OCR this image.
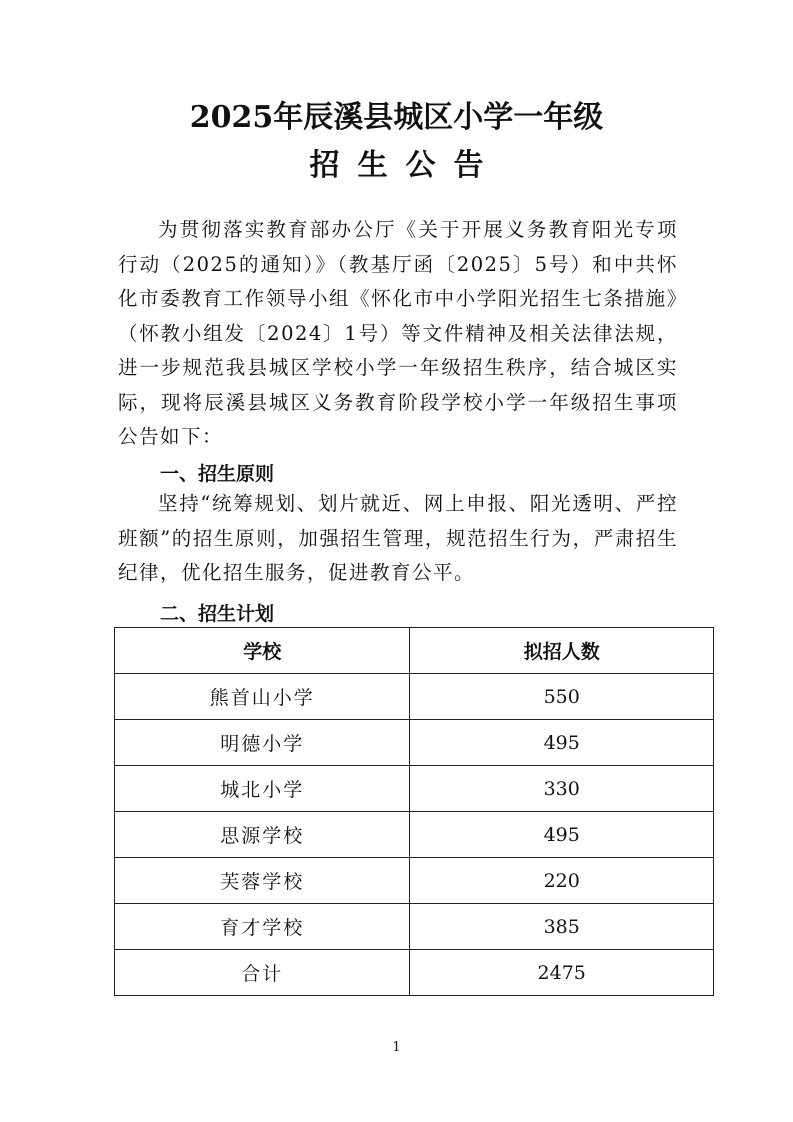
2025年辰溪县城区小学一年级
招生公告

为贯彻落实教育部办公厅《关于开展义务教育阳光专项行动（2025的通知）》（教基厅函〔2025〕5号）和中共怀化市委教育工作领导小组《怀化市中小学阳光招生七条措施》（怀教小组发〔2024〕1号）等文件精神及相关法律法规，进一步规范我县城区学校小学一年级招生秩序，结合城区实际，现将辰溪县城区义务教育阶段学校小学一年级招生事项公告如下：

一、招生原则

坚持“统筹规划、划片就近、网上申报、阳光透明、严控班额”的招生原则，加强招生管理，规范招生行为，严肃招生纪律，优化招生服务，促进教育公平。

二、招生计划
学校	拟招人数
熊首山小学	550
明德小学	495
城北小学	330
思源学校	495
芙蓉学校	220
育才学校	385
合计	2475
1
